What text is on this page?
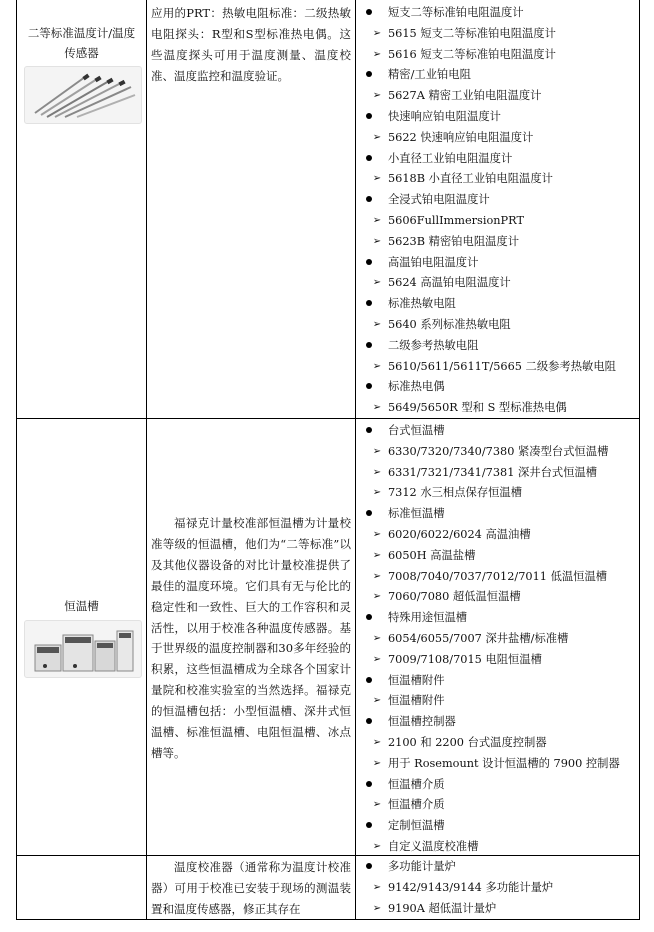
二等标准温度计/温度传感器
应用的PRT：热敏电阻标准：二级热敏电阻探头：R型和S型标准热电偶。这些温度探头可用于温度测量、温度校准、温度监控和温度验证。
短支二等标准铂电阻温度计
➢ 5615 短支二等标准铂电阻温度计
➢ 5616 短支二等标准铂电阻温度计
精密/工业铂电阻
➢ 5627A 精密工业铂电阻温度计
快速响应铂电阻温度计
➢ 5622 快速响应铂电阻温度计
小直径工业铂电阻温度计
➢ 5618B 小直径工业铂电阻温度计
全浸式铂电阻温度计
➢ 5606FullImmersionPRT
➢ 5623B 精密铂电阻温度计
高温铂电阻温度计
➢ 5624 高温铂电阻温度计
标准热敏电阻
➢ 5640 系列标准热敏电阻
二级参考热敏电阻
➢ 5610/5611/5611T/5665 二级参考热敏电阻
标准热电偶
➢ 5649/5650R 型和 S 型标准热电偶
恒温槽
福禄克计量校准部恒温槽为计量校准等级的恒温槽，他们为“二等标准”以及其他仪器设备的对比计量校准提供了最佳的温度环境。它们具有无与伦比的稳定性和一致性、巨大的工作容积和灵活性，以用于校准各种温度传感器。基于世界级的温度控制器和30多年经验的积累，这些恒温槽成为全球各个国家计量院和校准实验室的当然选择。福禄克的恒温槽包括：小型恒温槽、深井式恒温槽、标准恒温槽、电阻恒温槽、冰点槽等。
台式恒温槽
➢ 6330/7320/7340/7380 紧凑型台式恒温槽
➢ 6331/7321/7341/7381 深井台式恒温槽
➢ 7312 水三相点保存恒温槽
标准恒温槽
➢ 6020/6022/6024 高温油槽
➢ 6050H 高温盐槽
➢ 7008/7040/7037/7012/7011 低温恒温槽
➢ 7060/7080 超低温恒温槽
特殊用途恒温槽
➢ 6054/6055/7007 深井盐槽/标准槽
➢ 7009/7108/7015 电阻恒温槽
恒温槽附件
➢ 恒温槽附件
恒温槽控制器
➢ 2100 和 2200 台式温度控制器
➢ 用于 Rosemount 设计恒温槽的 7900 控制器
恒温槽介质
➢ 恒温槽介质
定制恒温槽
➢ 自定义温度校准槽
温度校准器（通常称为温度计校准器）可用于校准已安装于现场的测温装置和温度传感器，修正其存在
多功能计量炉
➢ 9142/9143/9144 多功能计量炉
➢ 9190A 超低温计量炉
